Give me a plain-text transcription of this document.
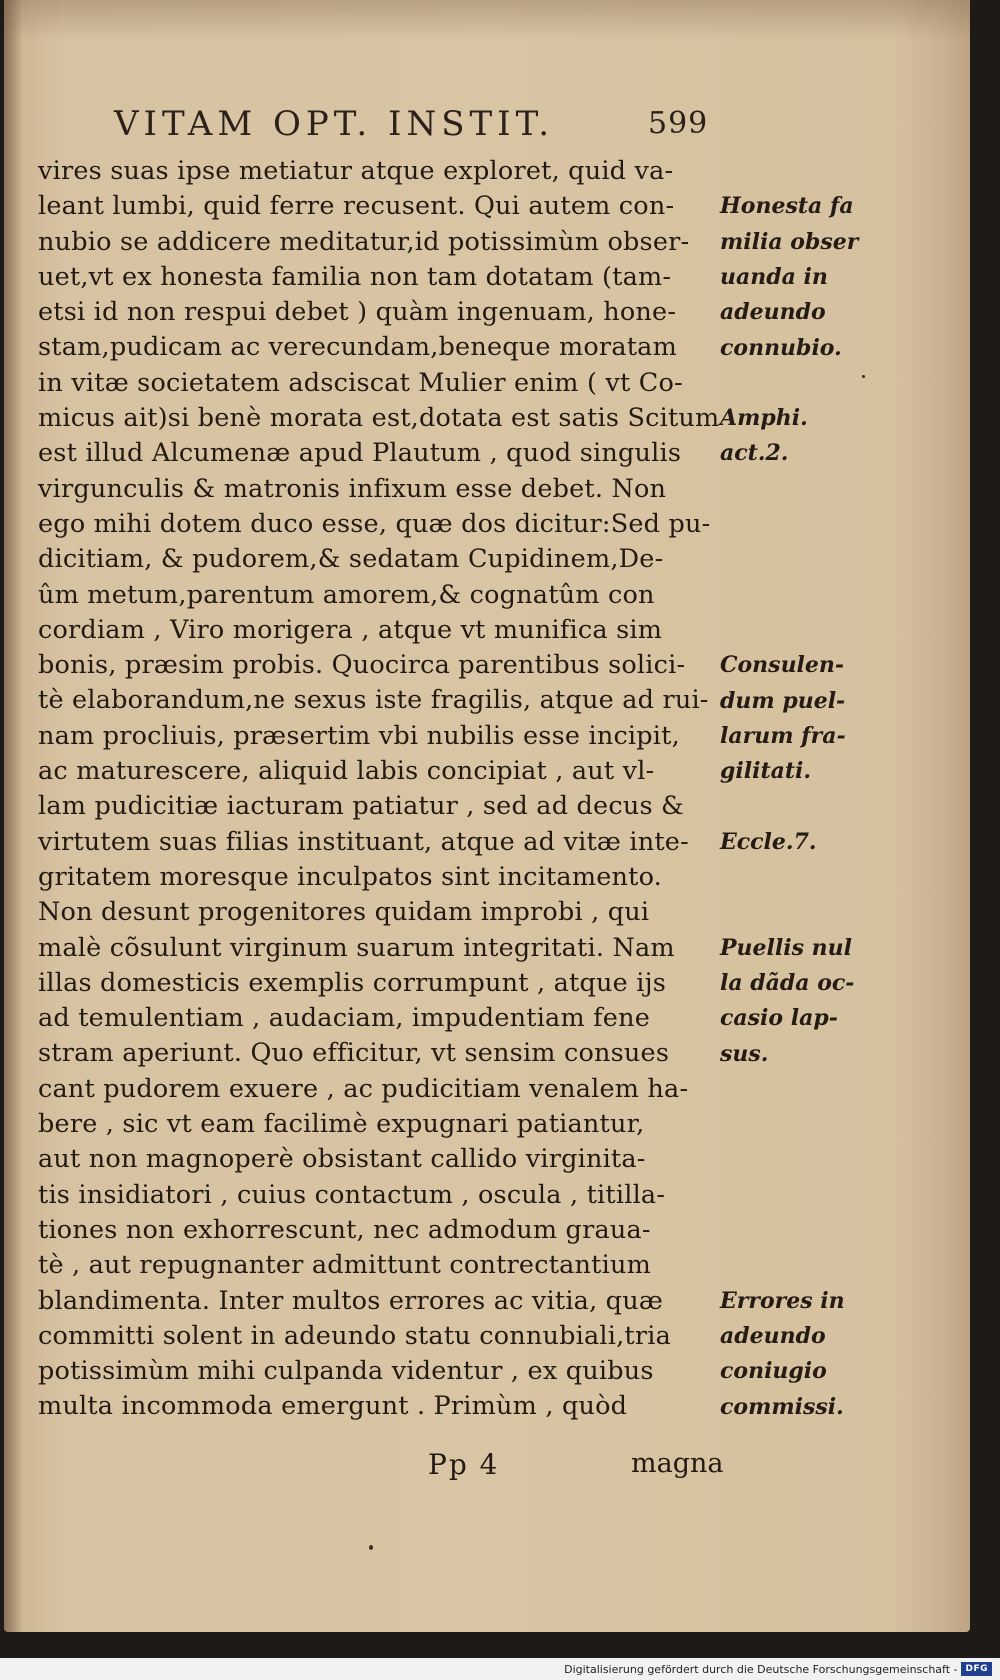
VITAM OPT. INSTIT.	599
vires suas ipse metiatur atque exploret, quid va-
leant lumbi, quid ferre recusent. Qui autem con-
nubio se addicere meditatur,id potissimùm obser-
uet,vt ex honesta familia non tam dotatam (tam-
etsi id non respui debet ) quàm ingenuam, hone-
stam,pudicam ac verecundam,beneque moratam
in vitæ societatem adsciscat Mulier enim ( vt Co-
micus ait)si benè morata est,dotata est satis Scitum
est illud Alcumenæ apud Plautum , quod singulis
virgunculis & matronis infixum esse debet. Non
ego mihi dotem duco esse, quæ dos dicitur:Sed pu-
dicitiam, & pudorem,& sedatam Cupidinem,De-
ûm metum,parentum amorem,& cognatûm con
cordiam , Viro morigera , atque vt munifica sim
bonis, præsim probis. Quocirca parentibus solici-
tè elaborandum,ne sexus iste fragilis, atque ad rui-
nam procliuis, præsertim vbi nubilis esse incipit,
ac maturescere, aliquid labis concipiat , aut vl-
lam pudicitiæ iacturam patiatur , sed ad decus &
virtutem suas filias instituant, atque ad vitæ inte-
gritatem moresque inculpatos sint incitamento.
Non desunt progenitores quidam improbi , qui
malè cõsulunt virginum suarum integritati. Nam
illas domesticis exemplis corrumpunt , atque ijs
ad temulentiam , audaciam, impudentiam fene
stram aperiunt. Quo efficitur, vt sensim consues
cant pudorem exuere , ac pudicitiam venalem ha-
bere , sic vt eam facilimè expugnari patiantur,
aut non magnoperè obsistant callido virginita-
tis insidiatori , cuius contactum , oscula , titilla-
tiones non exhorrescunt, nec admodum graua-
tè , aut repugnanter admittunt contrectantium
blandimenta. Inter multos errores ac vitia, quæ
committi solent in adeundo statu connubiali,tria
potissimùm mihi culpanda videntur , ex quibus
multa incommoda emergunt . Primùm , quòd
Honesta fa
milia obser
uanda in
adeundo
connubio.
Amphi.
act.2.
Consulen-
dum puel-
larum fra-
gilitati.
Eccle.7.
Puellis nul
la dãda oc-
casio lap-
sus.
Errores in
adeundo
coniugio
commissi.
Pp 4	magna
Digitalisierung gefördert durch die Deutsche Forschungsgemeinschaft - DFG
